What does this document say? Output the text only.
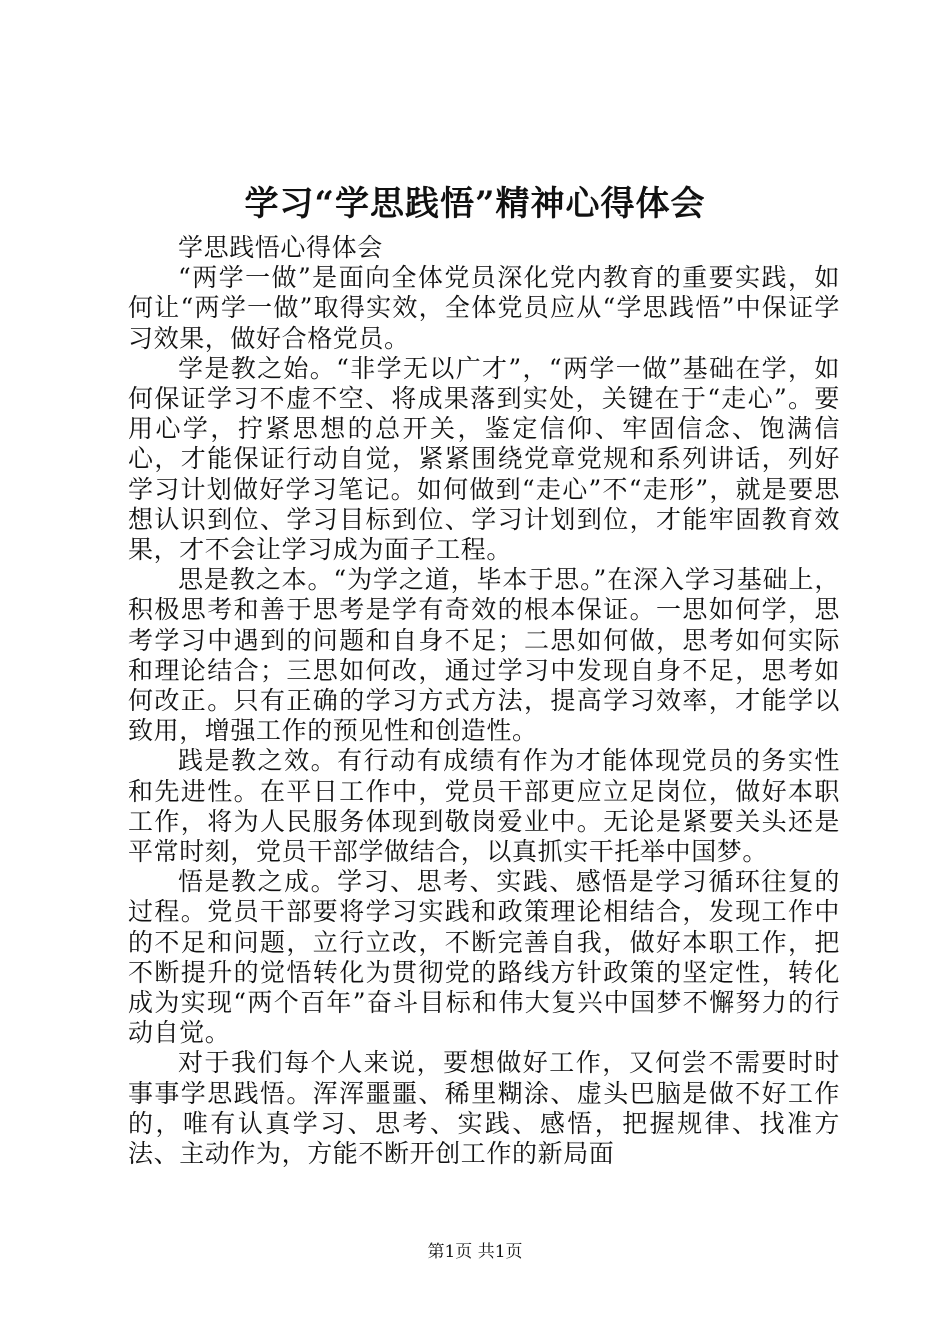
学习“学思践悟”精神心得体会

学思践悟心得体会

“两学一做”是面向全体党员深化党内教育的重要实践，如何让“两学一做”取得实效，全体党员应从“学思践悟”中保证学习效果，做好合格党员。

学是教之始。“非学无以广才”，“两学一做”基础在学，如何保证学习不虚不空、将成果落到实处，关键在于“走心”。要用心学，拧紧思想的总开关，鉴定信仰、牢固信念、饱满信心，才能保证行动自觉，紧紧围绕党章党规和系列讲话，列好学习计划做好学习笔记。如何做到“走心”不“走形”，就是要思想认识到位、学习目标到位、学习计划到位，才能牢固教育效果，才不会让学习成为面子工程。

思是教之本。“为学之道，毕本于思。”在深入学习基础上，积极思考和善于思考是学有奇效的根本保证。一思如何学，思考学习中遇到的问题和自身不足；二思如何做，思考如何实际和理论结合；三思如何改，通过学习中发现自身不足，思考如何改正。只有正确的学习方式方法，提高学习效率，才能学以致用，增强工作的预见性和创造性。

践是教之效。有行动有成绩有作为才能体现党员的务实性和先进性。在平日工作中，党员干部更应立足岗位，做好本职工作，将为人民服务体现到敬岗爱业中。无论是紧要关头还是平常时刻，党员干部学做结合，以真抓实干托举中国梦。

悟是教之成。学习、思考、实践、感悟是学习循环往复的过程。党员干部要将学习实践和政策理论相结合，发现工作中的不足和问题，立行立改，不断完善自我，做好本职工作，把不断提升的觉悟转化为贯彻党的路线方针政策的坚定性，转化成为实现“两个百年”奋斗目标和伟大复兴中国梦不懈努力的行动自觉。

对于我们每个人来说，要想做好工作，又何尝不需要时时事事学思践悟。浑浑噩噩、稀里糊涂、虚头巴脑是做不好工作的，唯有认真学习、思考、实践、感悟，把握规律、找准方法、主动作为，方能不断开创工作的新局面

第1页 共1页
